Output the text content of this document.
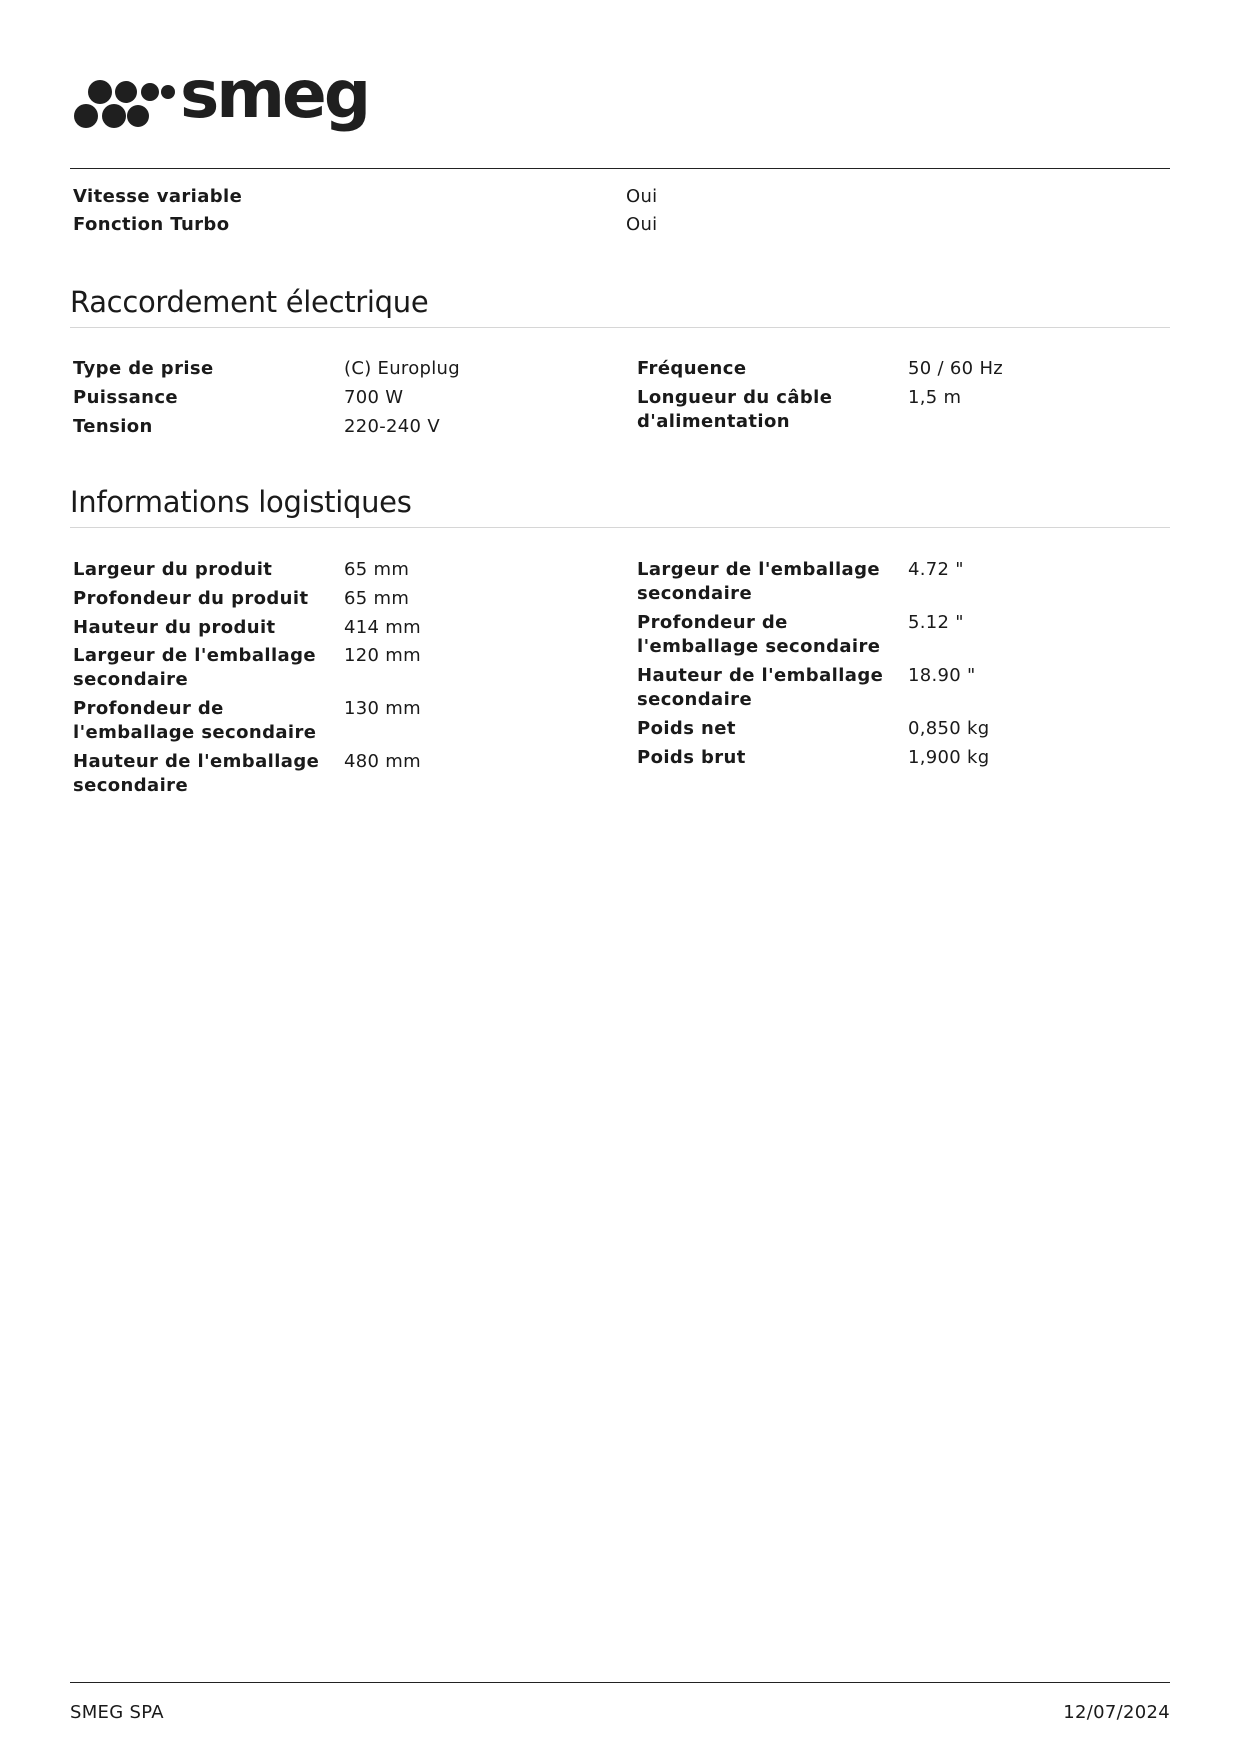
smeg
Vitesse variable	Oui
Fonction Turbo	Oui
Raccordement électrique
Type de prise	(C) Europlug
Puissance	700 W
Tension	220-240 V
Fréquence	50 / 60 Hz
Longueur du câble d'alimentation
1,5 m
Informations logistiques
Largeur du produit	65 mm
Profondeur du produit	65 mm
Hauteur du produit	414 mm
Largeur de l'emballage secondaire
120 mm
Profondeur de l'emballage secondaire
130 mm
Hauteur de l'emballage secondaire
480 mm
Largeur de l'emballage secondaire
4.72 "
Profondeur de l'emballage secondaire
5.12 "
Hauteur de l'emballage secondaire
18.90 "
Poids net	0,850 kg
Poids brut	1,900 kg
SMEG SPA	12/07/2024
